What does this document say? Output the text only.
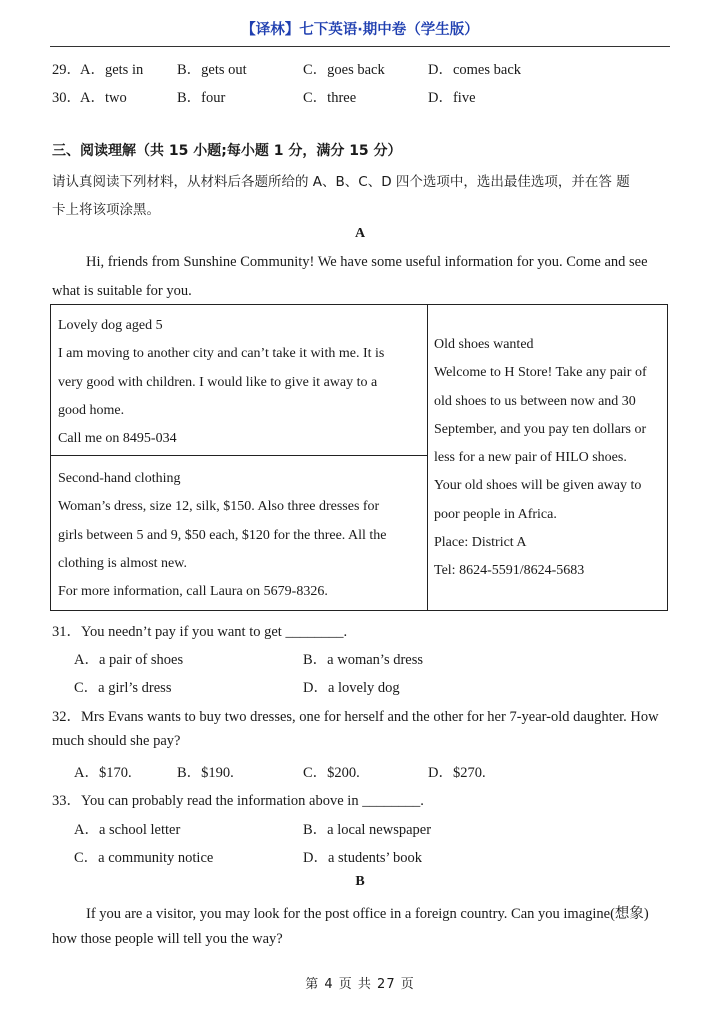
【译林】七下英语·期中卷（学生版）
29． A．gets in B．gets out	C．goes back	D．comes back
30． A．two	B．four	C．three	D．five
三、阅读理解（共 15 小题;每小题 1 分，满分 15 分）
请认真阅读下列材料，从材料后各题所给的 A、B、C、D 四个选项中，选出最佳选项，并在答 题
卡上将该项涂黑。
A
Hi, friends from Sunshine Community! We have some useful information for you. Come and see
what is suitable for you.
Lovely dog aged 5
I am moving to another city and can’t take it with me. It is
very good with children. I would like to give it away to a
good home.
Call me on 8495-034
Second-hand clothing
Woman’s dress, size 12, silk, $150. Also three dresses for
girls between 5 and 9, $50 each, $120 for the three. All the
clothing is almost new.
For more information, call Laura on 5679-8326.
Old shoes wanted
Welcome to H Store! Take any pair of
old shoes to us between now and 30
September, and you pay ten dollars or
less for a new pair of HILO shoes.
Your old shoes will be given away to
poor people in Africa.
Place: District A
Tel: 8624-5591/8624-5683
31．You needn’t pay if you want to get ________.
A．a pair of shoes	B．a woman’s dress
C．a girl’s dress	D．a lovely dog
32．Mrs Evans wants to buy two dresses, one for herself and the other for her 7-year-old daughter. How
much should she pay?
A．$170.	B．$190.	C．$200.	D．$270.
33．You can probably read the information above in ________.
A．a school letter	B．a local newspaper
C．a community notice	D．a students’ book
B
If you are a visitor, you may look for the post office in a foreign country. Can you imagine(想象)
how those people will tell you the way?
第 4 页 共 27 页
